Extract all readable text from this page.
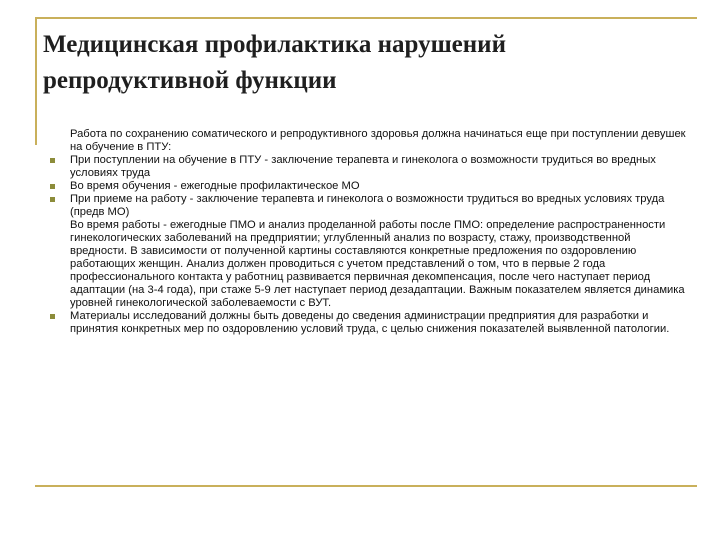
Медицинская профилактика нарушений репродуктивной функции
Работа по сохранению соматического и репродуктивного здоровья должна начинаться еще при поступлении девушек на обучение в ПТУ:
При поступлении на обучение в ПТУ - заключение терапевта и гинеколога о возможности трудиться во вредных условиях труда
Во время обучения - ежегодные профилактическое МО
При приеме на работу - заключение терапевта и гинеколога о возможности трудиться во вредных условиях труда (предв МО)
Во время работы - ежегодные ПМО и анализ проделанной работы после ПМО: определение распространенности гинекологических заболеваний на предприятии; углубленный анализ по возрасту, стажу, производственной вредности. В зависимости от полученной картины составляются конкретные предложения по оздоровлению работающих женщин. Анализ должен проводиться с учетом представлений о том, что в первые 2 года профессионального контакта у работниц развивается первичная декомпенсация, после чего наступает период адаптации (на 3-4 года), при стаже 5-9 лет наступает период дезадаптации. Важным показателем является динамика уровней гинекологической заболеваемости с ВУТ.
Материалы исследований должны быть доведены до сведения администрации предприятия для разработки и принятия конкретных мер по оздоровлению условий труда, с целью снижения показателей выявленной патологии.
